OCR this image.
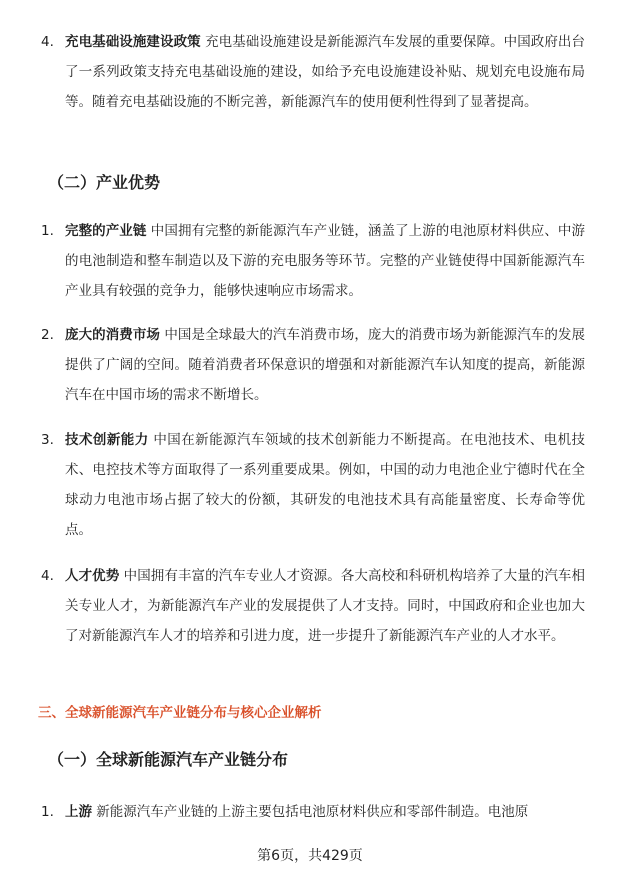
4. 充电基础设施建设政策 充电基础设施建设是新能源汽车发展的重要保障。中国政府出台了一系列政策支持充电基础设施的建设，如给予充电设施建设补贴、规划充电设施布局等。随着充电基础设施的不断完善，新能源汽车的使用便利性得到了显著提高。
（二）产业优势
1. 完整的产业链 中国拥有完整的新能源汽车产业链，涵盖了上游的电池原材料供应、中游的电池制造和整车制造以及下游的充电服务等环节。完整的产业链使得中国新能源汽车产业具有较强的竞争力，能够快速响应市场需求。
2. 庞大的消费市场 中国是全球最大的汽车消费市场，庞大的消费市场为新能源汽车的发展提供了广阔的空间。随着消费者环保意识的增强和对新能源汽车认知度的提高，新能源汽车在中国市场的需求不断增长。
3. 技术创新能力 中国在新能源汽车领域的技术创新能力不断提高。在电池技术、电机技术、电控技术等方面取得了一系列重要成果。例如，中国的动力电池企业宁德时代在全球动力电池市场占据了较大的份额，其研发的电池技术具有高能量密度、长寿命等优点。
4. 人才优势 中国拥有丰富的汽车专业人才资源。各大高校和科研机构培养了大量的汽车相关专业人才，为新能源汽车产业的发展提供了人才支持。同时，中国政府和企业也加大了对新能源汽车人才的培养和引进力度，进一步提升了新能源汽车产业的人才水平。
三、全球新能源汽车产业链分布与核心企业解析
（一）全球新能源汽车产业链分布
1. 上游 新能源汽车产业链的上游主要包括电池原材料供应和零部件制造。电池原
第6页，共429页
